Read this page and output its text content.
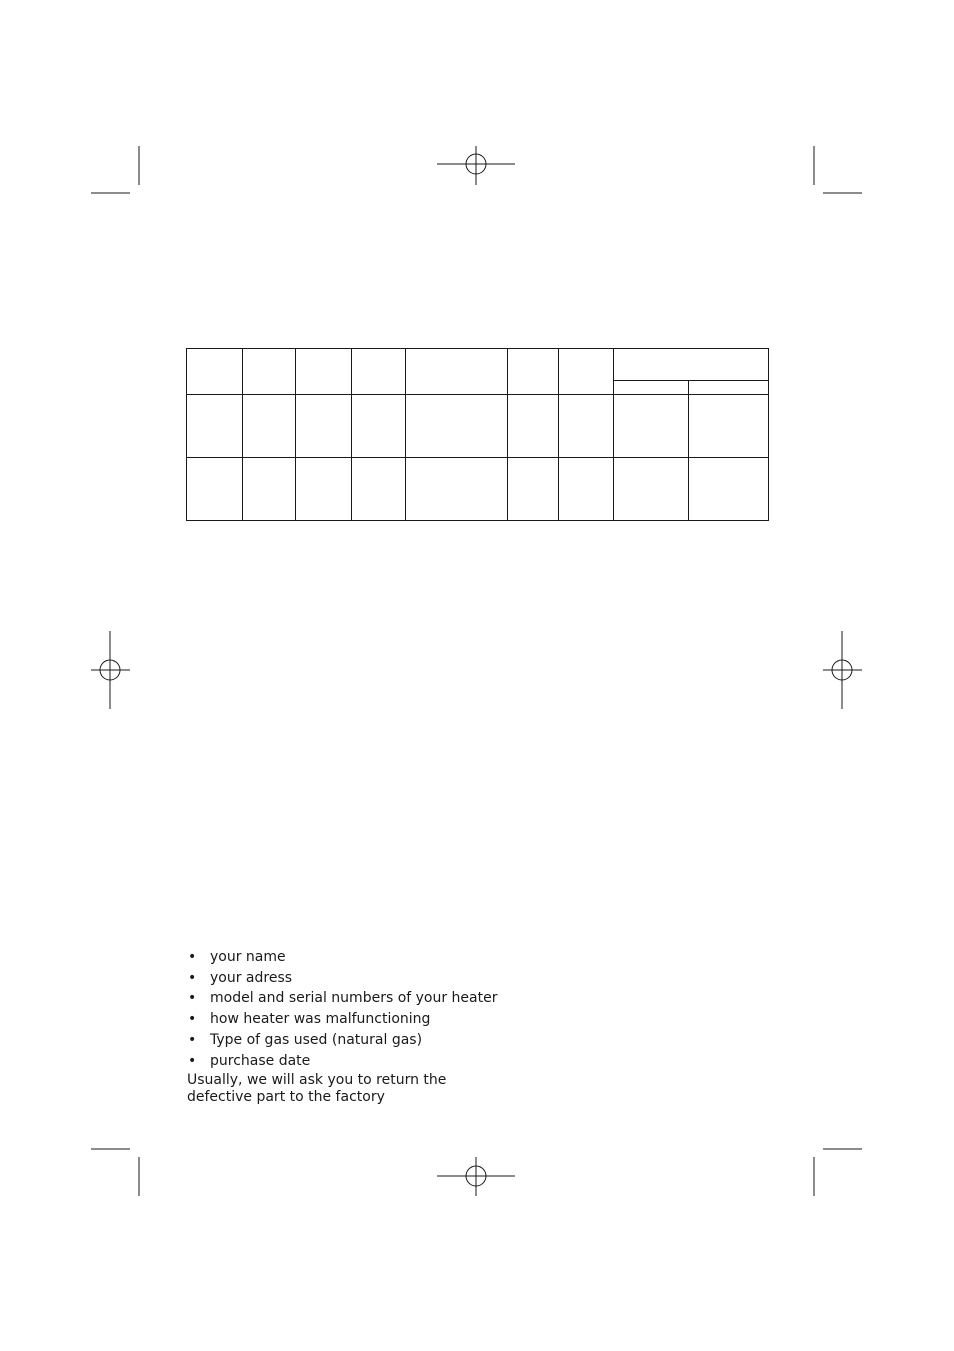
• your name
• your adress
• model and serial numbers of your heater
• how heater was malfunctioning
• Type of gas used (natural gas)
• purchase date

Usually, we will ask you to return the defective part to the factory
